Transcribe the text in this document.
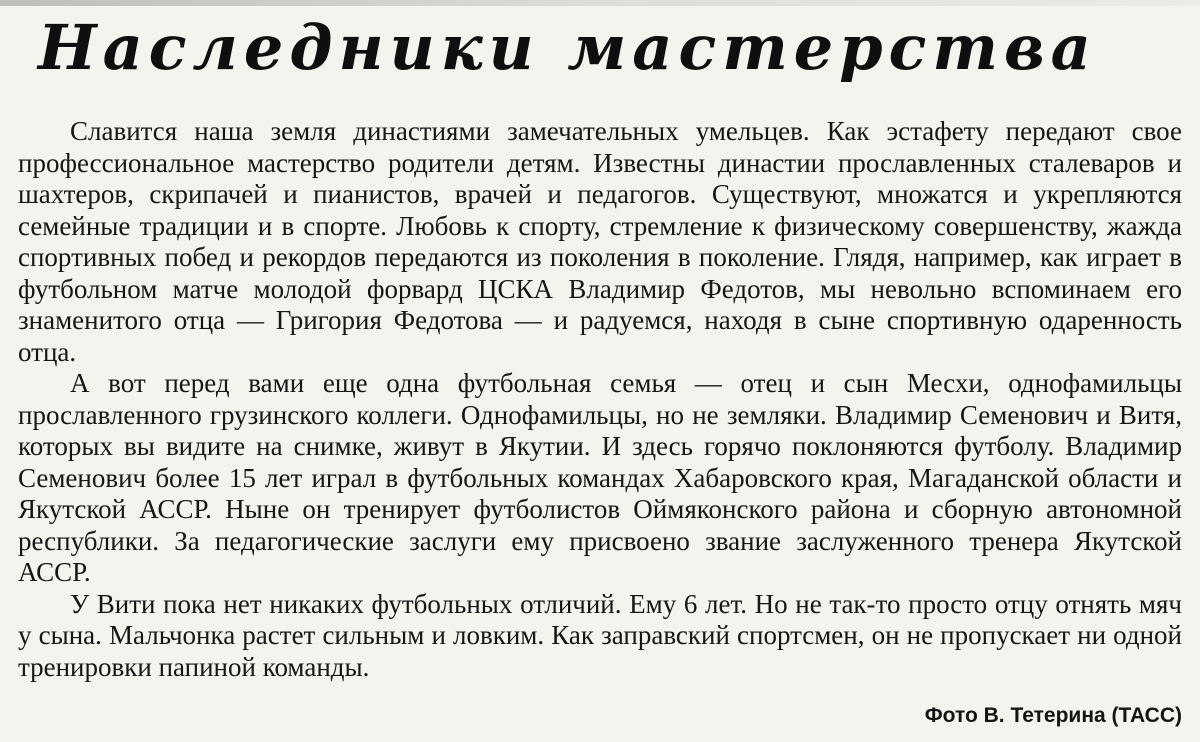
Наследники мастерства

Славится наша земля династиями замечательных умельцев. Как эстафету передают свое профессиональное мастерство родители детям. Известны династии прославленных сталеваров и шахтеров, скрипачей и пианистов, врачей и педагогов. Существуют, множатся и укрепляются семейные традиции и в спорте. Любовь к спорту, стремление к физическому совершенству, жажда спортивных побед и рекордов передаются из поколения в поколение. Глядя, например, как играет в футбольном матче молодой форвард ЦСКА Владимир Федотов, мы невольно вспоминаем его знаменитого отца — Григория Федотова — и радуемся, находя в сыне спортивную одаренность отца.

А вот перед вами еще одна футбольная семья — отец и сын Месхи, однофамильцы прославленного грузинского коллеги. Однофамильцы, но не земляки. Владимир Семенович и Витя, которых вы видите на снимке, живут в Якутии. И здесь горячо поклоняются футболу. Владимир Семенович более 15 лет играл в футбольных командах Хабаровского края, Магаданской области и Якутской АССР. Ныне он тренирует футболистов Оймяконского района и сборную автономной республики. За педагогические заслуги ему присвоено звание заслуженного тренера Якутской АССР.

У Вити пока нет никаких футбольных отличий. Ему 6 лет. Но не так-то просто отцу отнять мяч у сына. Мальчонка растет сильным и ловким. Как заправский спортсмен, он не пропускает ни одной тренировки папиной команды.

Фото В. Тетерина (ТАСС)
